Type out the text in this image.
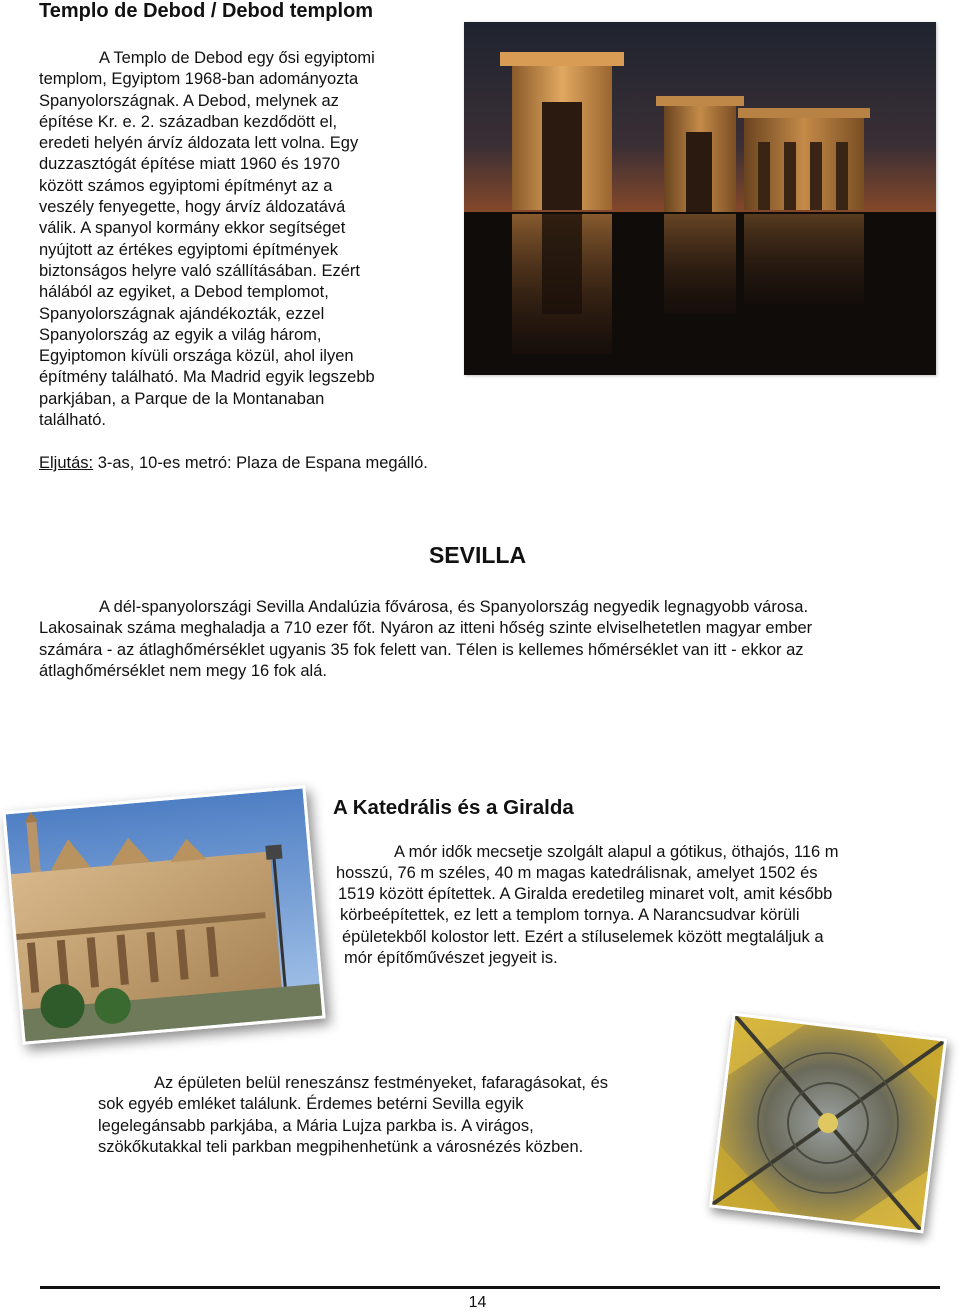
Templo de Debod / Debod templom

A Templo de Debod egy ősi egyiptomi
templom, Egyiptom 1968-ban adományozta
Spanyolországnak. A Debod, melynek az
építése Kr. e. 2. században kezdődött el,
eredeti helyén árvíz áldozata lett volna. Egy
duzzasztógát építése miatt 1960 és 1970
között számos egyiptomi építményt az a
veszély fenyegette, hogy árvíz áldozatává
válik. A spanyol kormány ekkor segítséget
nyújtott az értékes egyiptomi építmények
biztonságos helyre való szállításában. Ezért
hálából az egyiket, a Debod templomot,
Spanyolországnak ajándékozták, ezzel
Spanyolország az egyik a világ három,
Egyiptomon kívüli országa közül, ahol ilyen
építmény található. Ma Madrid egyik legszebb
parkjában, a Parque de la Montanaban
található.

Eljutás: 3-as, 10-es metró: Plaza de Espana megálló.

SEVILLA

A dél-spanyolországi Sevilla Andalúzia fővárosa, és Spanyolország negyedik legnagyobb városa.
Lakosainak száma meghaladja a 710 ezer főt. Nyáron az itteni hőség szinte elviselhetetlen magyar ember
számára - az átlaghőmérséklet ugyanis 35 fok felett van. Télen is kellemes hőmérséklet van itt - ekkor az
átlaghőmérséklet nem megy 16 fok alá.

A Katedrális és a Giralda

A mór idők mecsetje szolgált alapul a gótikus, öthajós, 116 m

hosszú, 76 m széles, 40 m magas katedrálisnak, amelyet 1502 és

1519 között építettek. A Giralda eredetileg minaret volt, amit később

körbeépítettek, ez lett a templom tornya. A Narancsudvar körüli

épületekből kolostor lett. Ezért a stíluselemek között megtaláljuk a

mór építőművészet jegyeit is.

Az épületen belül reneszánsz festményeket, fafaragásokat, és
sok egyéb emléket találunk. Érdemes betérni Sevilla egyik
legelegánsabb parkjába, a Mária Lujza parkba is. A virágos,
szökőkutakkal teli parkban megpihenhetünk a városnézés közben.

14
